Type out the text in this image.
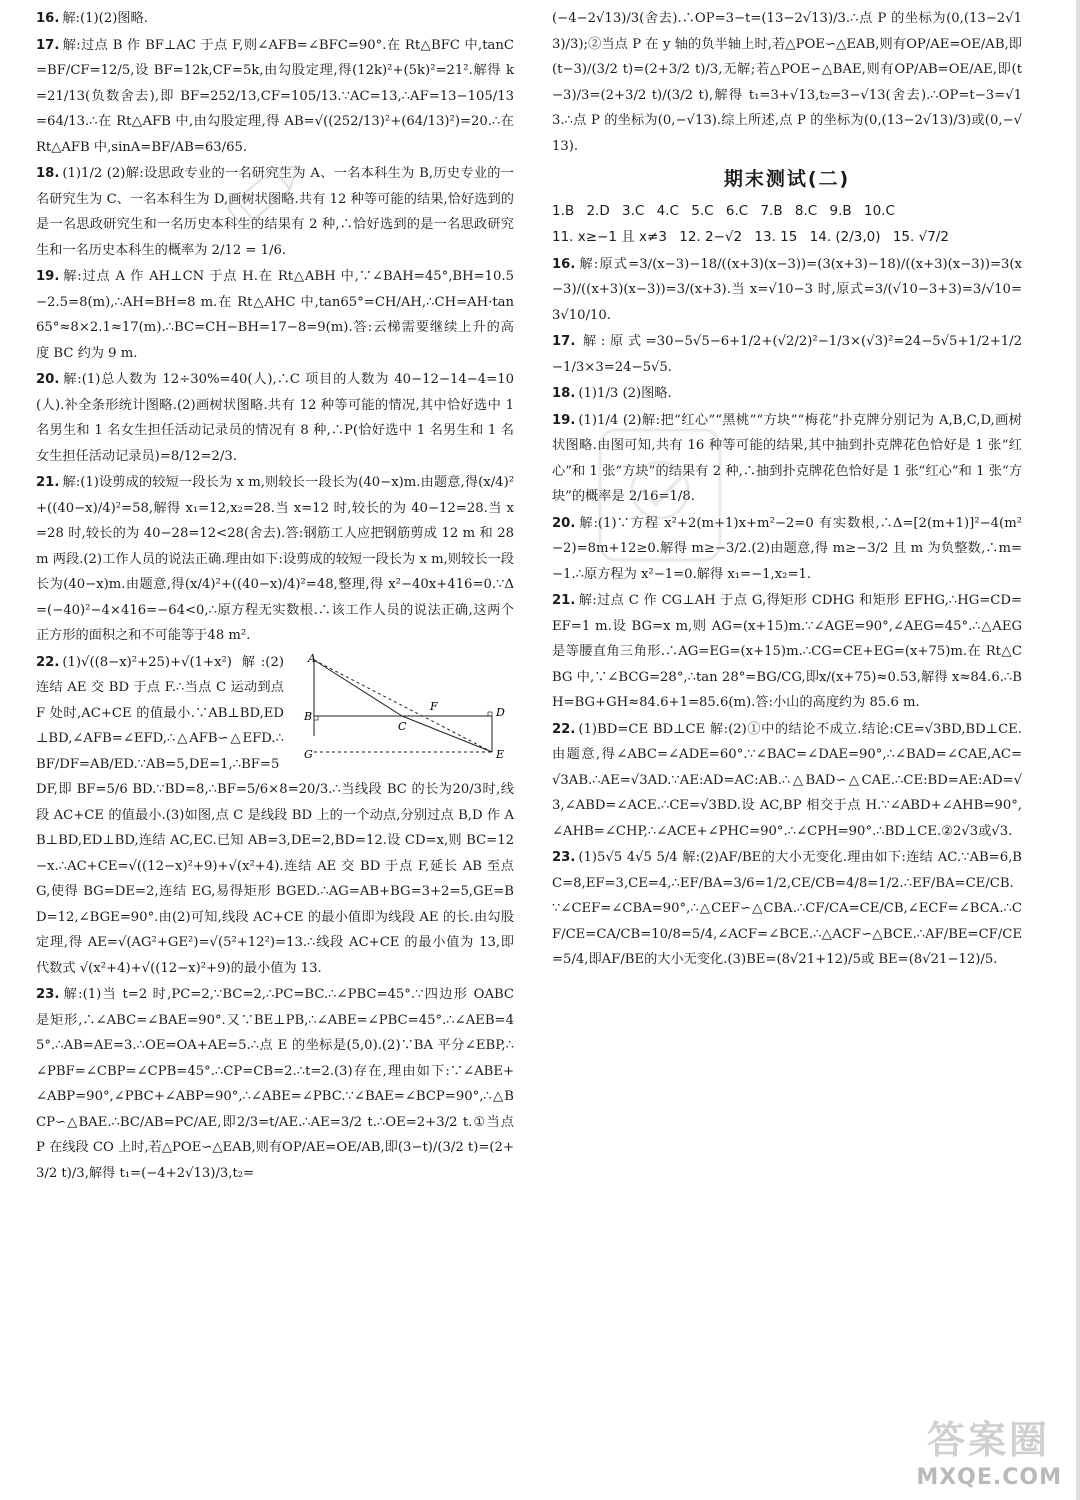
16. 解:(1)(2)图略.
17. 解:过点 B 作 BF⊥AC 于点 F,则∠AFB=∠BFC=90°.在 Rt△BFC 中,tanC=BF/CF=12/5,设 BF=12k,CF=5k,由勾股定理,得(12k)²+(5k)²=21².解得 k=21/13(负数舍去),即 BF=252/13,CF=105/13.∵AC=13,∴AF=13−105/13=64/13.∴在 Rt△AFB 中,由勾股定理,得 AB=√((252/13)²+(64/13)²)=20.∴在 Rt△AFB 中,sinA=BF/AB=63/65.
18. (1)1/2 (2)解:设思政专业的一名研究生为 A、一名本科生为 B,历史专业的一名研究生为 C、一名本科生为 D,画树状图略.共有 12 种等可能的结果,恰好选到的是一名思政研究生和一名历史本科生的结果有 2 种,∴恰好选到的是一名思政研究生和一名历史本科生的概率为 2/12 = 1/6.
19. 解:过点 A 作 AH⊥CN 于点 H.在 Rt△ABH 中,∵∠BAH=45°,BH=10.5−2.5=8(m),∴AH=BH=8 m.在 Rt△AHC 中,tan65°=CH/AH,∴CH=AH·tan65°≈8×2.1≈17(m).∴BC=CH−BH=17−8=9(m).答:云梯需要继续上升的高度 BC 约为 9 m.
20. 解:(1)总人数为 12÷30%=40(人),∴C 项目的人数为 40−12−14−4=10(人).补全条形统计图略.(2)画树状图略.共有 12 种等可能的情况,其中恰好选中 1 名男生和 1 名女生担任活动记录员的情况有 8 种,∴P(恰好选中 1 名男生和 1 名女生担任活动记录员)=8/12=2/3.
21. 解:(1)设剪成的较短一段长为 x m,则较长一段长为(40−x)m.由题意,得(x/4)²+((40−x)/4)²=58,解得 x₁=12,x₂=28.当 x=12 时,较长的为 40−12=28.当 x=28 时,较长的为 40−28=12<28(舍去).答:钢筋工人应把钢筋剪成 12 m 和 28 m 两段.(2)工作人员的说法正确.理由如下:设剪成的较短一段长为 x m,则较长一段长为(40−x)m.由题意,得(x/4)²+((40−x)/4)²=48,整理,得 x²−40x+416=0.∵Δ=(−40)²−4×416=−64<0,∴原方程无实数根.∴该工作人员的说法正确,这两个正方形的面积之和不可能等于48 m².
A
B
C
D
E
F
G
22. (1)√((8−x)²+25)+√(1+x²) 解:(2)连结 AE 交 BD 于点 F.∴当点 C 运动到点 F 处时,AC+CE 的值最小.∵AB⊥BD,ED⊥BD,∠AFB=∠EFD,∴△AFB∽△EFD.∴BF/DF=AB/ED.∵AB=5,DE=1,∴BF=5DF,即 BF=5/6 BD.∵BD=8,∴BF=5/6×8=20/3.∴当线段 BC 的长为20/3时,线段 AC+CE 的值最小.(3)如图,点 C 是线段 BD 上的一个动点,分别过点 B,D 作 AB⊥BD,ED⊥BD,连结 AC,EC.已知 AB=3,DE=2,BD=12.设 CD=x,则 BC=12−x.∴AC+CE=√((12−x)²+9)+√(x²+4).连结 AE 交 BD 于点 F,延长 AB 至点 G,使得 BG=DE=2,连结 EG,易得矩形 BGED.∴AG=AB+BG=3+2=5,GE=BD=12,∠BGE=90°.由(2)可知,线段 AC+CE 的最小值即为线段 AE 的长.由勾股定理,得 AE=√(AG²+GE²)=√(5²+12²)=13.∴线段 AC+CE 的最小值为 13,即代数式 √(x²+4)+√((12−x)²+9)的最小值为 13.
23. 解:(1)当 t=2 时,PC=2,∵BC=2,∴PC=BC.∴∠PBC=45°.∵四边形 OABC 是矩形,∴∠ABC=∠BAE=90°.又∵BE⊥PB,∴∠ABE=∠PBC=45°.∴∠AEB=45°.∴AB=AE=3.∴OE=OA+AE=5.∴点 E 的坐标是(5,0).(2)∵BA 平分∠EBP,∴∠PBF=∠CBP=∠CPB=45°.∴CP=CB=2.∴t=2.(3)存在,理由如下:∵∠ABE+∠ABP=90°,∠PBC+∠ABP=90°,∴∠ABE=∠PBC.∵∠BAE=∠BCP=90°,∴△BCP∽△BAE.∴BC/AB=PC/AE,即2/3=t/AE.∴AE=3/2 t.∴OE=2+3/2 t.①当点 P 在线段 CO 上时,若△POE∽△EAB,则有OP/AE=OE/AB,即(3−t)/(3/2 t)=(2+3/2 t)/3,解得 t₁=(−4+2√13)/3,t₂=
(−4−2√13)/3(舍去).∴OP=3−t=(13−2√13)/3.∴点 P 的坐标为(0,(13−2√13)/3);②当点 P 在 y 轴的负半轴上时,若△POE∽△EAB,则有OP/AE=OE/AB,即(t−3)/(3/2 t)=(2+3/2 t)/3,无解;若△POE∽△BAE,则有OP/AB=OE/AE,即(t−3)/3=(2+3/2 t)/(3/2 t),解得 t₁=3+√13,t₂=3−√13(舍去).∴OP=t−3=√13.∴点 P 的坐标为(0,−√13).综上所述,点 P 的坐标为(0,(13−2√13)/3)或(0,−√13).
期末测试(二)
1.B 2.D 3.C 4.C 5.C 6.C 7.B 8.C 9.B 10.C
11. x≥−1 且 x≠3 12. 2−√2 13. 15 14. (2/3,0) 15. √7/2
16. 解:原式=3/(x−3)−18/((x+3)(x−3))=(3(x+3)−18)/((x+3)(x−3))=3(x−3)/((x+3)(x−3))=3/(x+3).当 x=√10−3 时,原式=3/(√10−3+3)=3/√10=3√10/10.
17. 解:原式=30−5√5−6+1/2+(√2/2)²−1/3×(√3)²=24−5√5+1/2+1/2−1/3×3=24−5√5.
18. (1)1/3 (2)图略.
19. (1)1/4 (2)解:把“红心”“黑桃”“方块”“梅花”扑克牌分别记为 A,B,C,D,画树状图略.由图可知,共有 16 种等可能的结果,其中抽到扑克牌花色恰好是 1 张“红心”和 1 张“方块”的结果有 2 种,∴抽到扑克牌花色恰好是 1 张“红心”和 1 张“方块”的概率是 2/16=1/8.
20. 解:(1)∵方程 x²+2(m+1)x+m²−2=0 有实数根,∴Δ=[2(m+1)]²−4(m²−2)=8m+12≥0.解得 m≥−3/2.(2)由题意,得 m≥−3/2 且 m 为负整数,∴m=−1.∴原方程为 x²−1=0.解得 x₁=−1,x₂=1.
21. 解:过点 C 作 CG⊥AH 于点 G,得矩形 CDHG 和矩形 EFHG,∴HG=CD=EF=1 m.设 BG=x m,则 AG=(x+15)m.∵∠AGE=90°,∠AEG=45°.∴△AEG 是等腰直角三角形.∴AG=EG=(x+15)m.∴CG=CE+EG=(x+75)m.在 Rt△CBG 中,∵∠BCG=28°,∴tan 28°=BG/CG,即x/(x+75)≈0.53,解得 x≈84.6.∴BH=BG+GH≈84.6+1=85.6(m).答:小山的高度约为 85.6 m.
22. (1)BD=CE BD⊥CE 解:(2)①中的结论不成立.结论:CE=√3BD,BD⊥CE.由题意,得∠ABC=∠ADE=60°.∵∠BAC=∠DAE=90°,∴∠BAD=∠CAE,AC=√3AB.∴AE=√3AD.∵AE:AD=AC:AB.∴△BAD∽△CAE.∴CE:BD=AE:AD=√3,∠ABD=∠ACE.∴CE=√3BD.设 AC,BP 相交于点 H.∵∠ABD+∠AHB=90°,∠AHB=∠CHP,∴∠ACE+∠PHC=90°.∴∠CPH=90°.∴BD⊥CE.②2√3或√3.
23. (1)5√5 4√5 5/4 解:(2)AF/BE的大小无变化.理由如下:连结 AC.∵AB=6,BC=8,EF=3,CE=4,∴EF/BA=3/6=1/2,CE/CB=4/8=1/2.∴EF/BA=CE/CB.∵∠CEF=∠CBA=90°,∴△CEF∽△CBA.∴CF/CA=CE/CB,∠ECF=∠BCA.∴CF/CE=CA/CB=10/8=5/4,∠ACF=∠BCE.∴△ACF∽△BCE.∴AF/BE=CF/CE=5/4,即AF/BE的大小无变化.(3)BE=(8√21+12)/5或 BE=(8√21−12)/5.
答案圈
MXQE.COM
